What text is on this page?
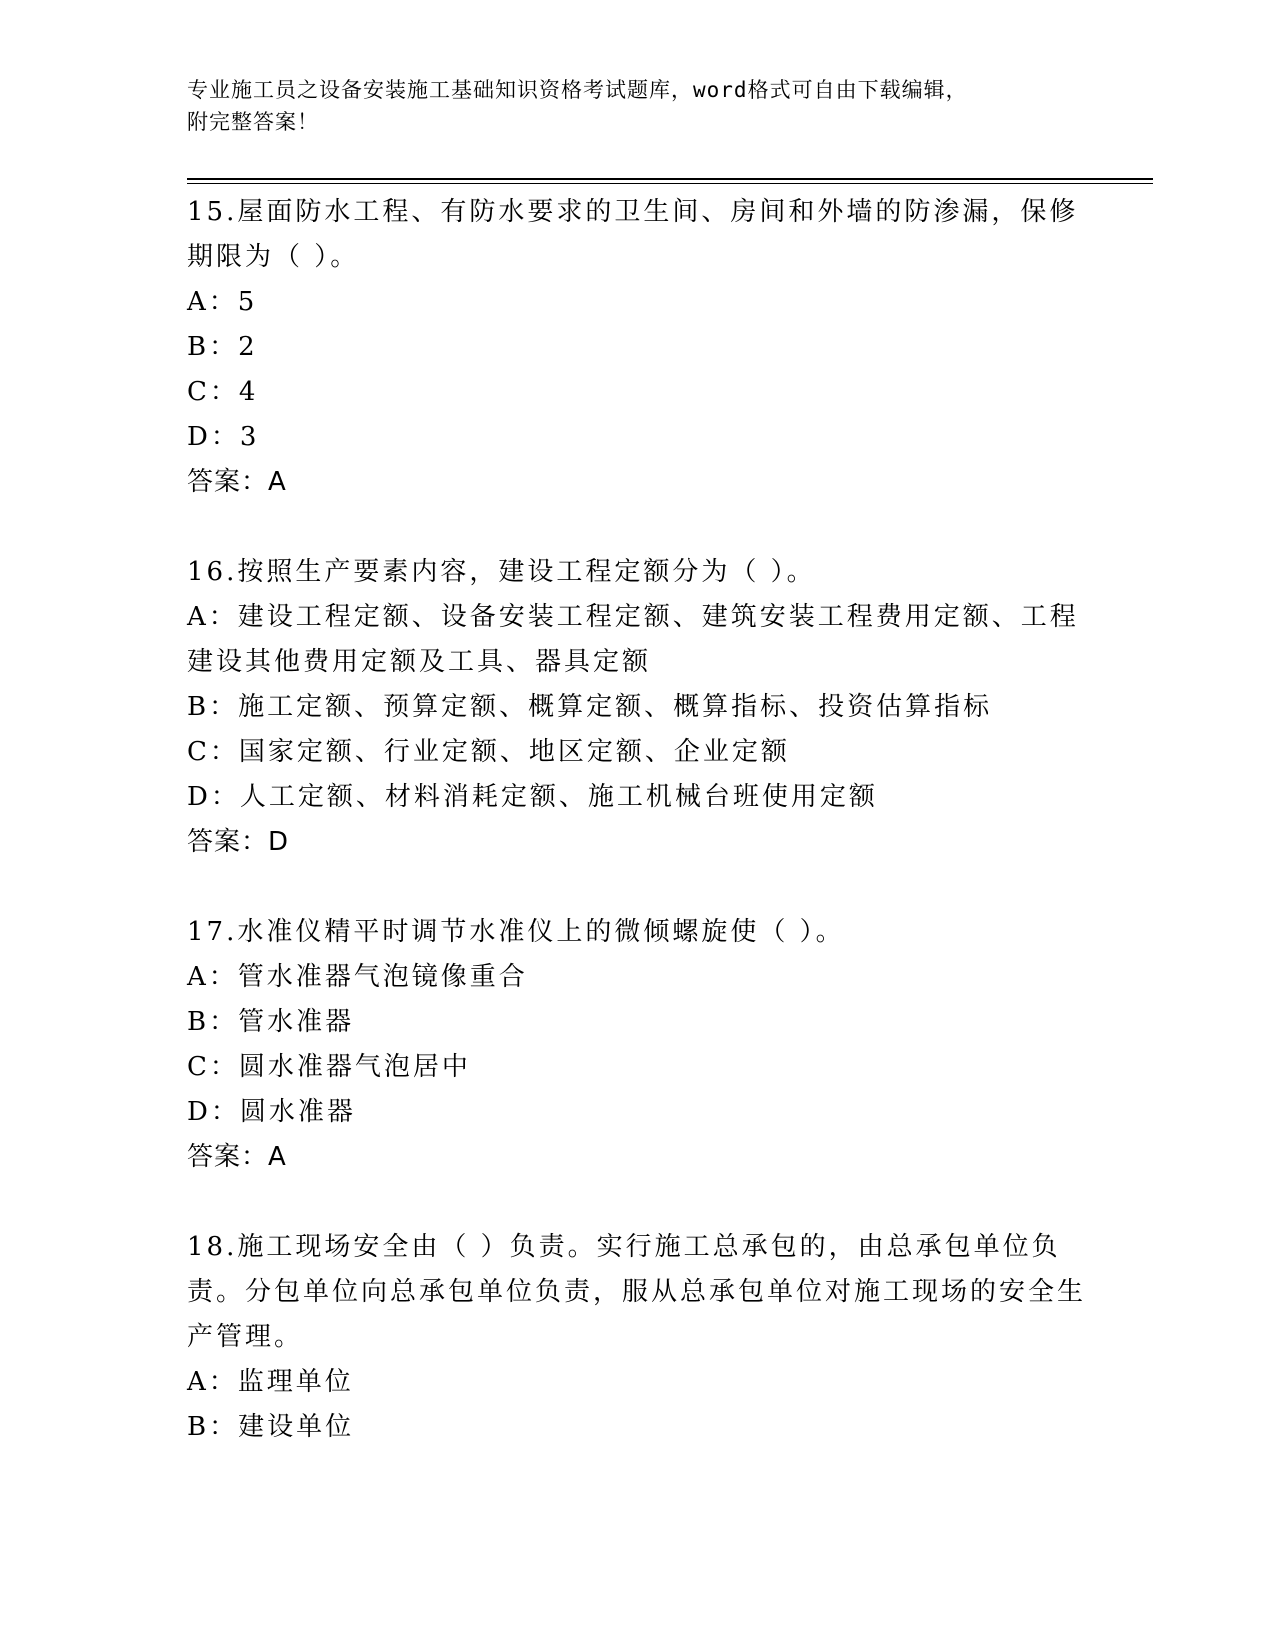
专业施工员之设备安装施工基础知识资格考试题库，word格式可自由下载编辑，
附完整答案！

15.屋面防水工程、有防水要求的卫生间、房间和外墙的防渗漏，保修期限为（ ）。

A：5

B：2

C：4

D：3

答案：A

16.按照生产要素内容，建设工程定额分为（ ）。

A：建设工程定额、设备安装工程定额、建筑安装工程费用定额、工程建设其他费用定额及工具、器具定额

B：施工定额、预算定额、概算定额、概算指标、投资估算指标

C：国家定额、行业定额、地区定额、企业定额

D：人工定额、材料消耗定额、施工机械台班使用定额

答案：D

17.水准仪精平时调节水准仪上的微倾螺旋使（ ）。

A：管水准器气泡镜像重合

B：管水准器

C：圆水准器气泡居中

D：圆水准器

答案：A

18.施工现场安全由（ ）负责。实行施工总承包的，由总承包单位负责。分包单位向总承包单位负责，服从总承包单位对施工现场的安全生产管理。

A：监理单位

B：建设单位
